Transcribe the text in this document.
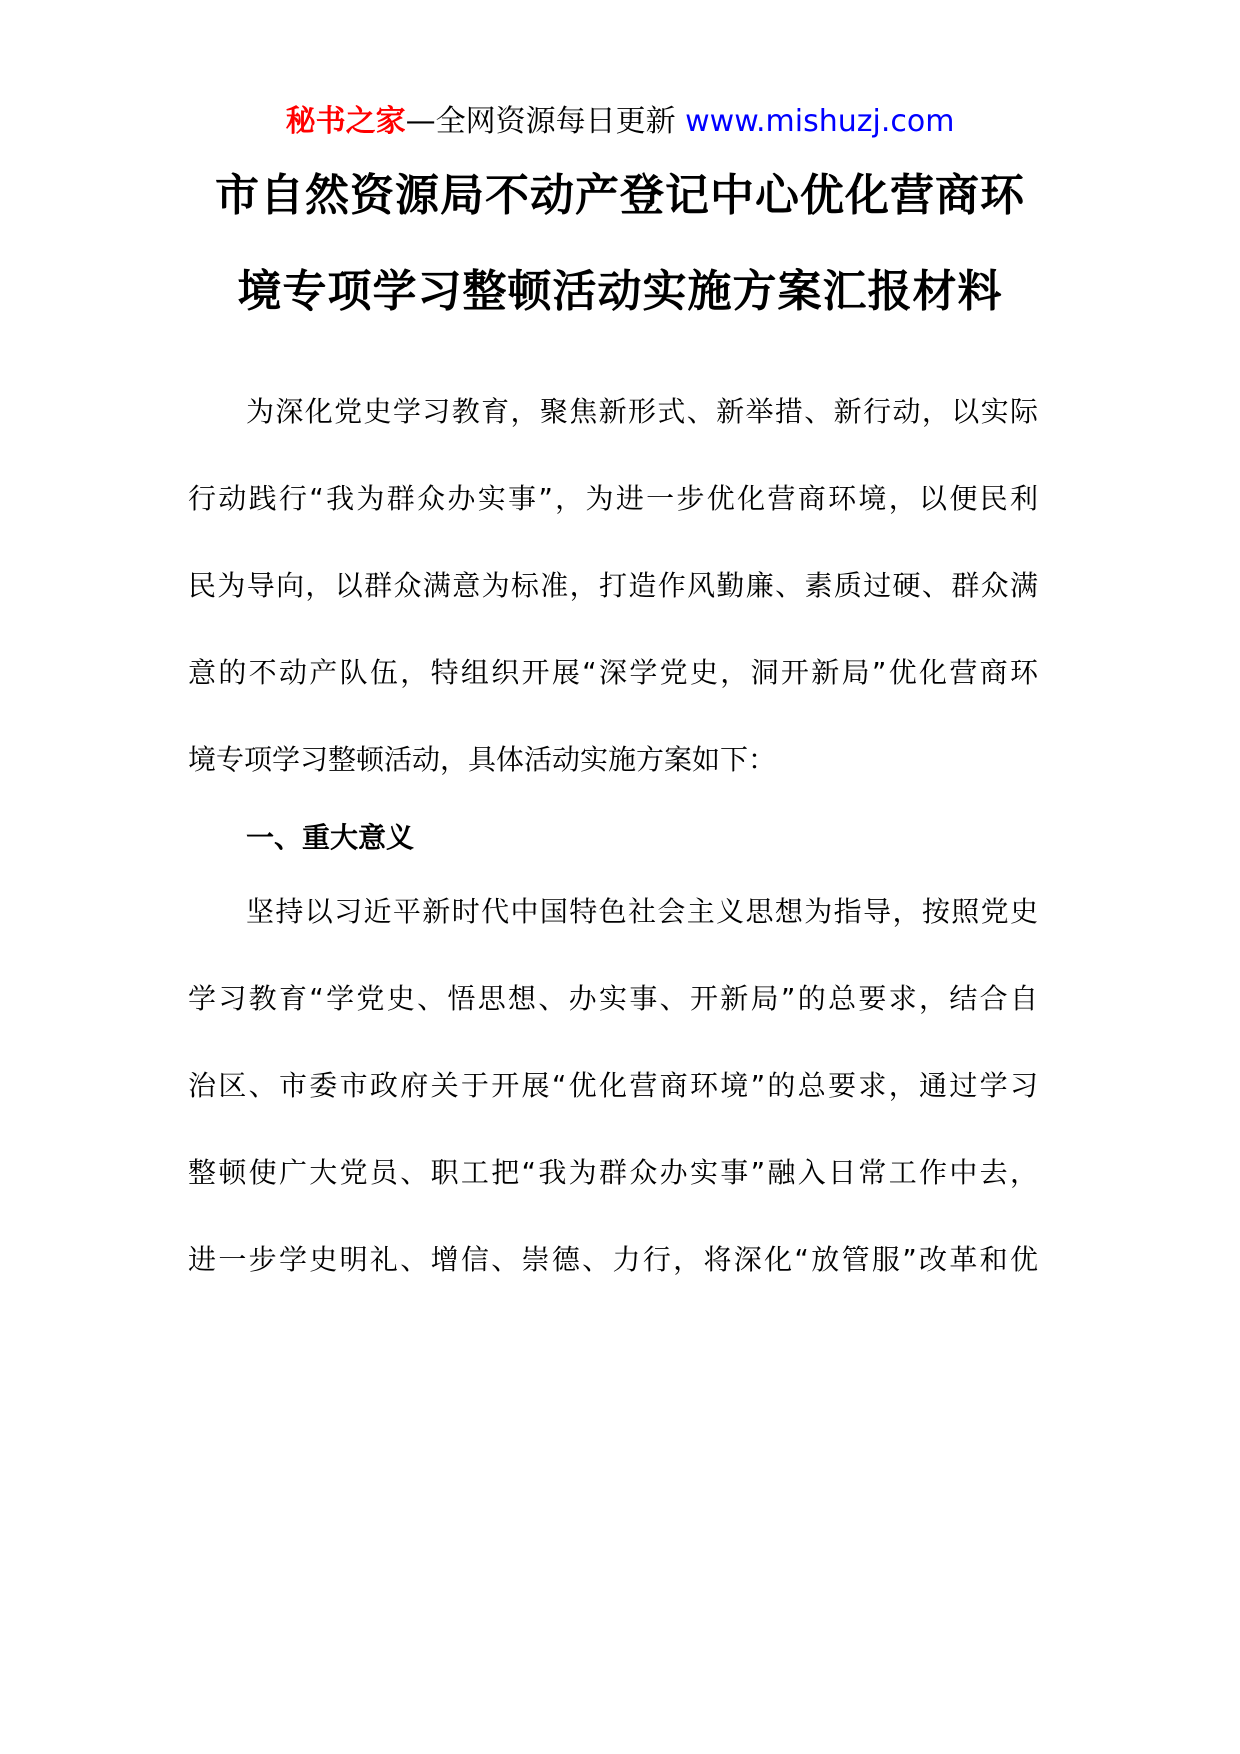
秘书之家—全网资源每日更新 www.mishuzj.com
市自然资源局不动产登记中心优化营商环
境专项学习整顿活动实施方案汇报材料
为深化党史学习教育，聚焦新形式、新举措、新行动，以实际
行动践行“我为群众办实事”，为进一步优化营商环境，以便民利
民为导向，以群众满意为标准，打造作风勤廉、素质过硬、群众满
意的不动产队伍，特组织开展“深学党史，洞开新局”优化营商环
境专项学习整顿活动，具体活动实施方案如下：
一、重大意义
坚持以习近平新时代中国特色社会主义思想为指导，按照党史
学习教育“学党史、悟思想、办实事、开新局”的总要求，结合自
治区、市委市政府关于开展“优化营商环境”的总要求，通过学习
整顿使广大党员、职工把“我为群众办实事”融入日常工作中去，
进一步学史明礼、增信、崇德、力行，将深化“放管服”改革和优
